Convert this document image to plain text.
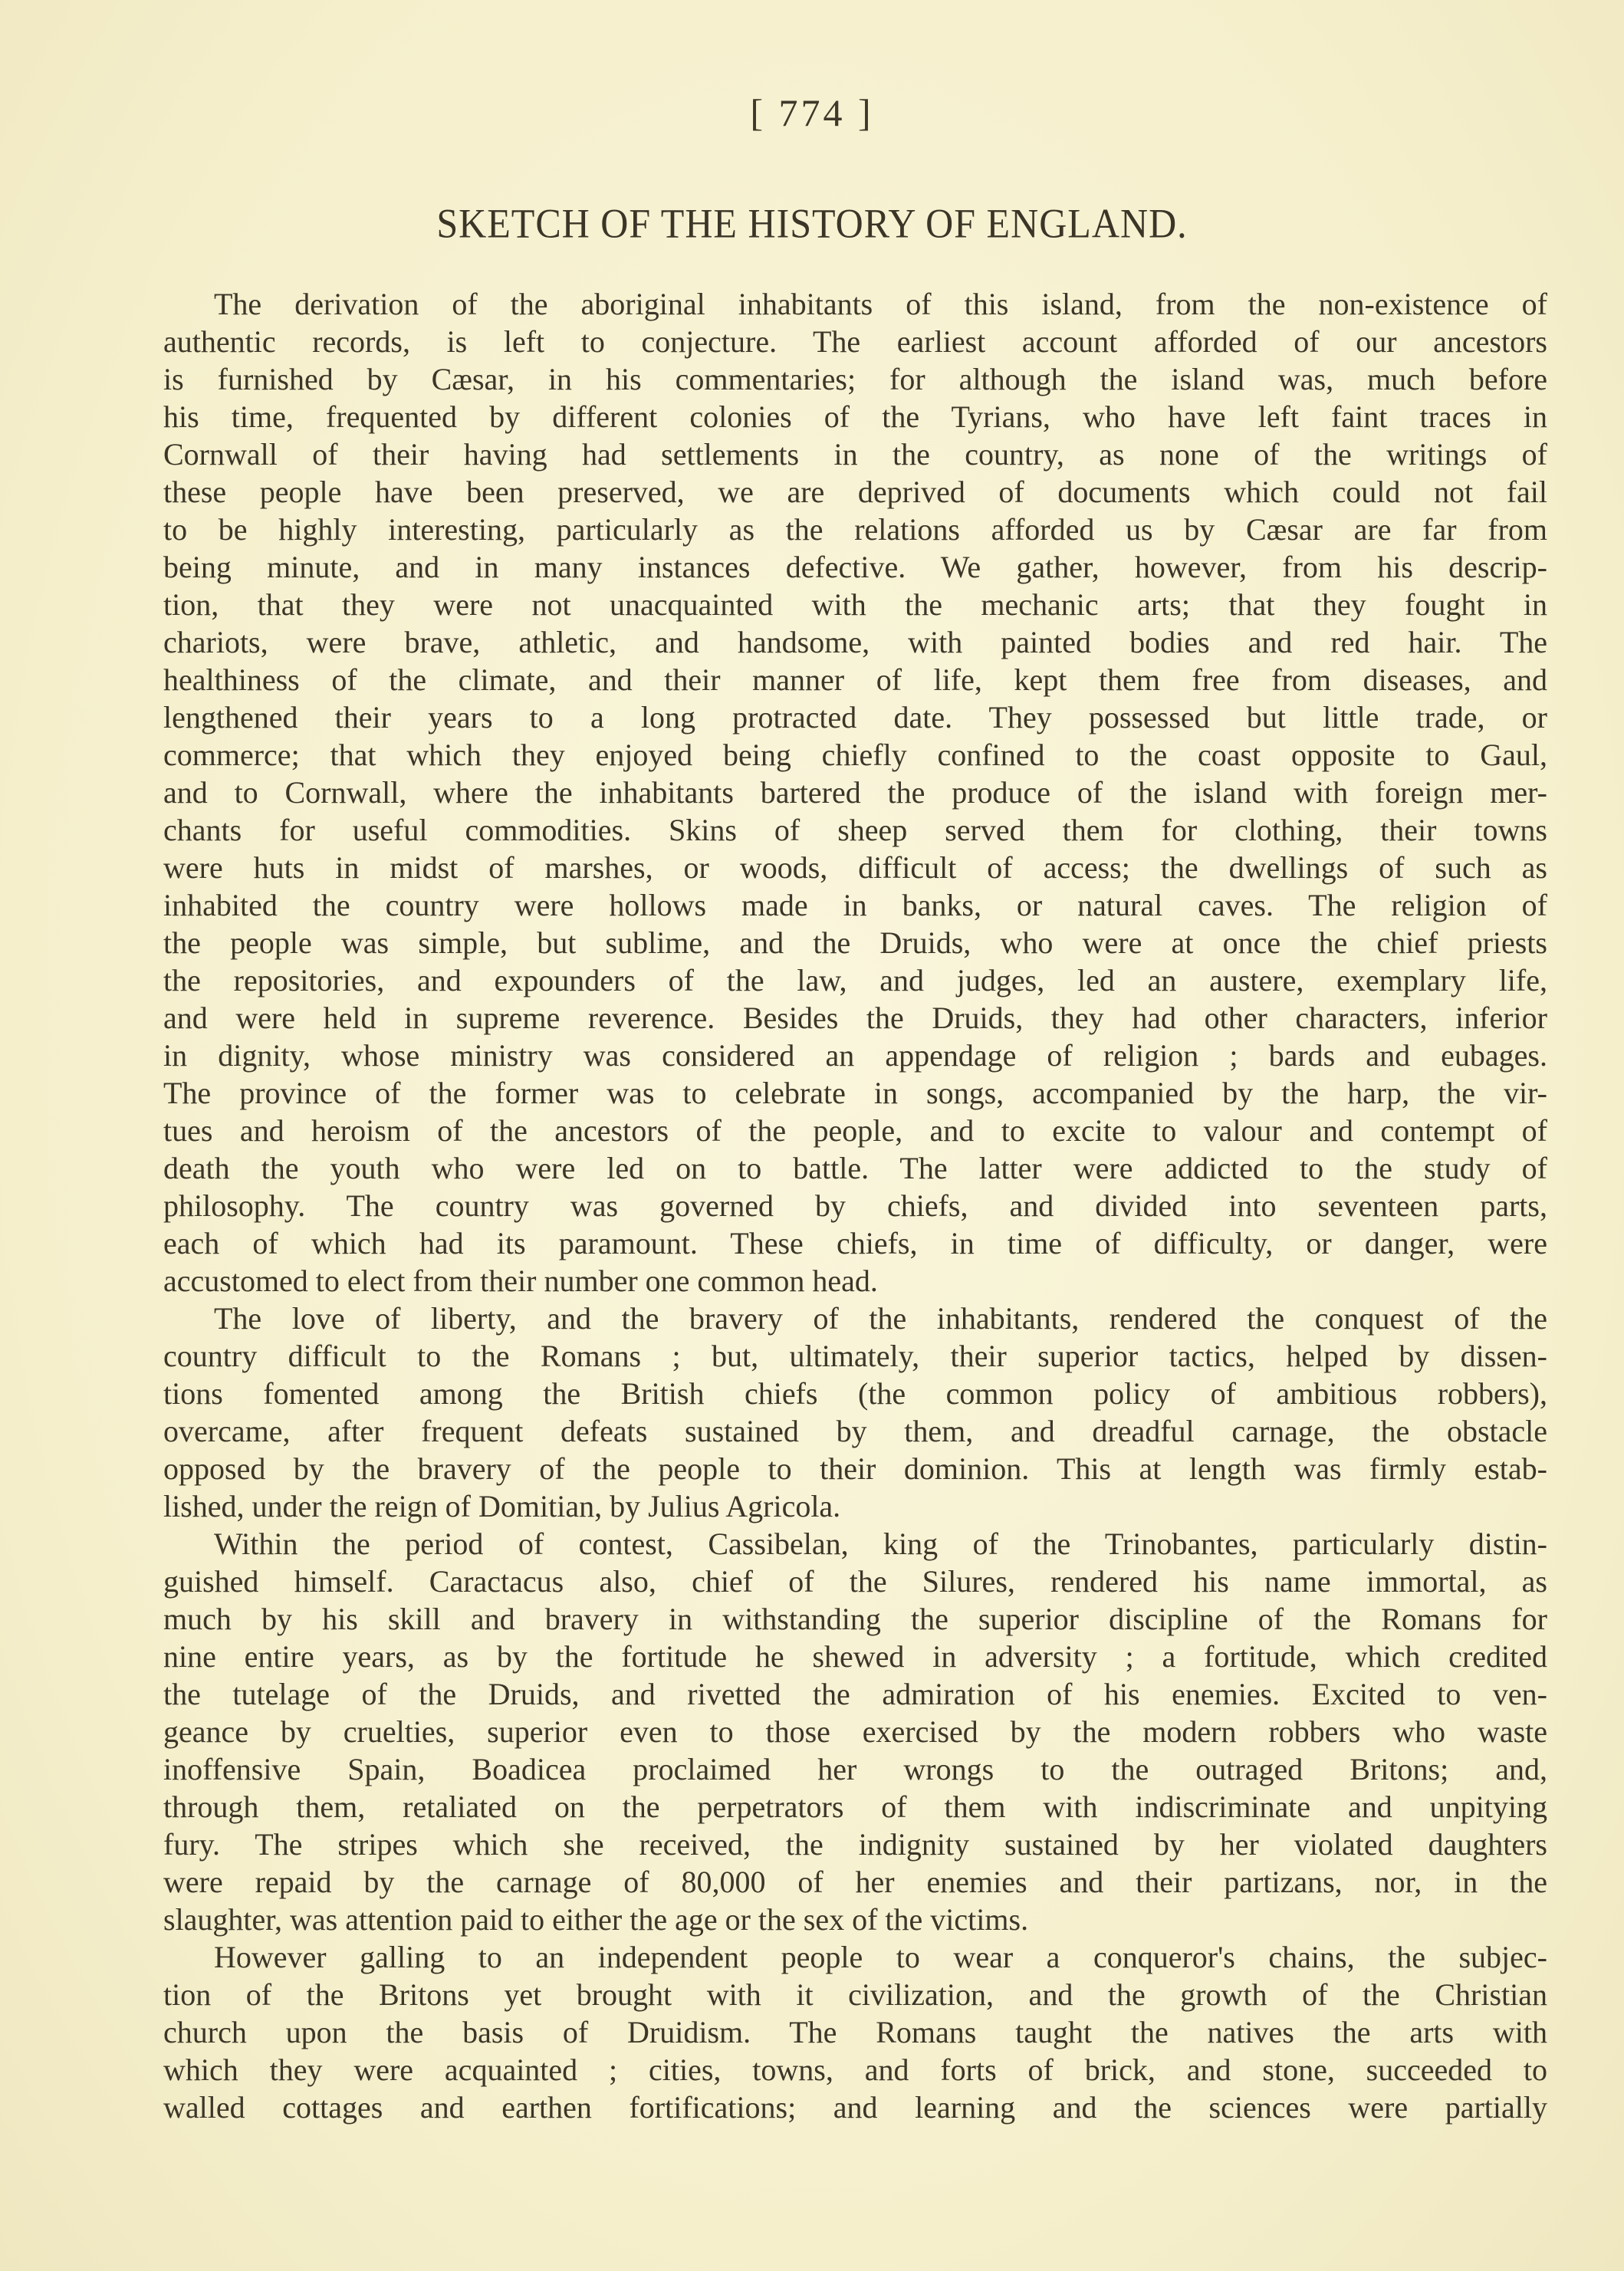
[ 774 ]
SKETCH OF THE HISTORY OF ENGLAND.
The derivation of the aboriginal inhabitants of this island, from the non-existence of
authentic records, is left to conjecture. The earliest account afforded of our ancestors
is furnished by Cæsar, in his commentaries; for although the island was, much before
his time, frequented by different colonies of the Tyrians, who have left faint traces in
Cornwall of their having had settlements in the country, as none of the writings of
these people have been preserved, we are deprived of documents which could not fail
to be highly interesting, particularly as the relations afforded us by Cæsar are far from
being minute, and in many instances defective. We gather, however, from his descrip-
tion, that they were not unacquainted with the mechanic arts; that they fought in
chariots, were brave, athletic, and handsome, with painted bodies and red hair. The
healthiness of the climate, and their manner of life, kept them free from diseases, and
lengthened their years to a long protracted date. They possessed but little trade, or
commerce; that which they enjoyed being chiefly confined to the coast opposite to Gaul,
and to Cornwall, where the inhabitants bartered the produce of the island with foreign mer-
chants for useful commodities. Skins of sheep served them for clothing, their towns
were huts in midst of marshes, or woods, difficult of access; the dwellings of such as
inhabited the country were hollows made in banks, or natural caves. The religion of
the people was simple, but sublime, and the Druids, who were at once the chief priests
the repositories, and expounders of the law, and judges, led an austere, exemplary life,
and were held in supreme reverence. Besides the Druids, they had other characters, inferior
in dignity, whose ministry was considered an appendage of religion ; bards and eubages.
The province of the former was to celebrate in songs, accompanied by the harp, the vir-
tues and heroism of the ancestors of the people, and to excite to valour and contempt of
death the youth who were led on to battle. The latter were addicted to the study of
philosophy. The country was governed by chiefs, and divided into seventeen parts,
each of which had its paramount. These chiefs, in time of difficulty, or danger, were
accustomed to elect from their number one common head.
The love of liberty, and the bravery of the inhabitants, rendered the conquest of the
country difficult to the Romans ; but, ultimately, their superior tactics, helped by dissen-
tions fomented among the British chiefs (the common policy of ambitious robbers),
overcame, after frequent defeats sustained by them, and dreadful carnage, the obstacle
opposed by the bravery of the people to their dominion. This at length was firmly estab-
lished, under the reign of Domitian, by Julius Agricola.
Within the period of contest, Cassibelan, king of the Trinobantes, particularly distin-
guished himself. Caractacus also, chief of the Silures, rendered his name immortal, as
much by his skill and bravery in withstanding the superior discipline of the Romans for
nine entire years, as by the fortitude he shewed in adversity ; a fortitude, which credited
the tutelage of the Druids, and rivetted the admiration of his enemies. Excited to ven-
geance by cruelties, superior even to those exercised by the modern robbers who waste
inoffensive Spain, Boadicea proclaimed her wrongs to the outraged Britons; and,
through them, retaliated on the perpetrators of them with indiscriminate and unpitying
fury. The stripes which she received, the indignity sustained by her violated daughters
were repaid by the carnage of 80,000 of her enemies and their partizans, nor, in the
slaughter, was attention paid to either the age or the sex of the victims.
However galling to an independent people to wear a conqueror's chains, the subjec-
tion of the Britons yet brought with it civilization, and the growth of the Christian
church upon the basis of Druidism. The Romans taught the natives the arts with
which they were acquainted ; cities, towns, and forts of brick, and stone, succeeded to
walled cottages and earthen fortifications; and learning and the sciences were partially
